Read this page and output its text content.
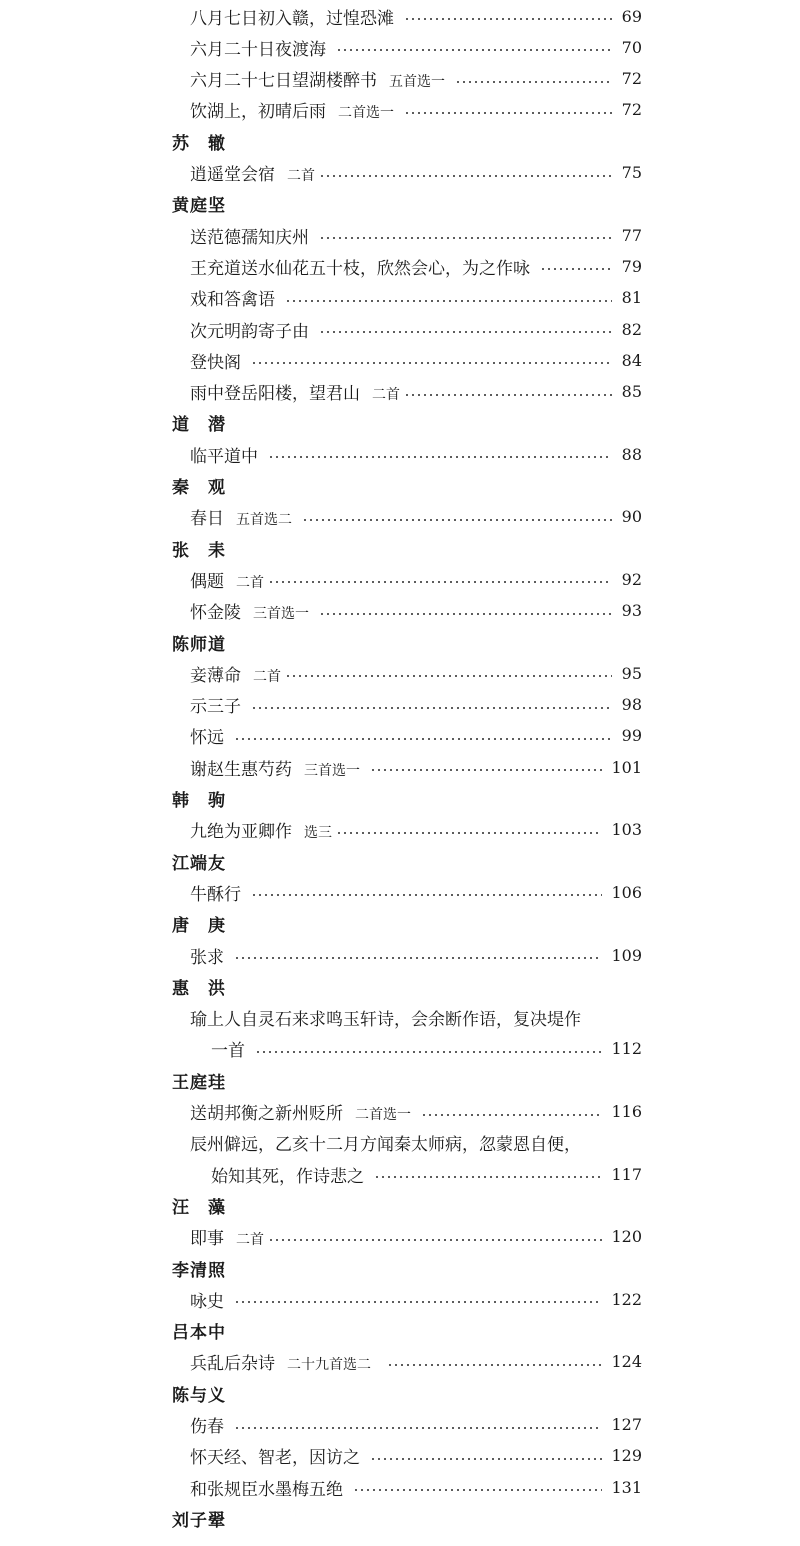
八月七日初入赣，过惶恐滩	69
六月二十日夜渡海	70
六月二十七日望湖楼醉书 五首选一	72
饮湖上，初晴后雨 二首选一	72
苏　辙
逍遥堂会宿 二首	75
黄庭坚
送范德孺知庆州	77
王充道送水仙花五十枝，欣然会心，为之作咏	79
戏和答禽语	81
次元明韵寄子由	82
登快阁	84
雨中登岳阳楼，望君山 二首	85
道　潜
临平道中	88
秦　观
春日 五首选二	90
张　耒
偶题 二首	92
怀金陵 三首选一	93
陈师道
妾薄命 二首	95
示三子	98
怀远	99
谢赵生惠芍药 三首选一	101
韩　驹
九绝为亚卿作 选三	103
江端友
牛酥行	106
唐　庚
张求	109
惠　洪
瑜上人自灵石来求鸣玉轩诗，会余断作语，复决堤作
一首	112
王庭珪
送胡邦衡之新州贬所 二首选一	116
辰州僻远，乙亥十二月方闻秦太师病，忽蒙恩自便，
始知其死，作诗悲之	117
汪　藻
即事 二首	120
李清照
咏史	122
吕本中
兵乱后杂诗 二十九首选二	124
陈与义
伤春	127
怀天经、智老，因访之	129
和张规臣水墨梅五绝	131
刘子翚
